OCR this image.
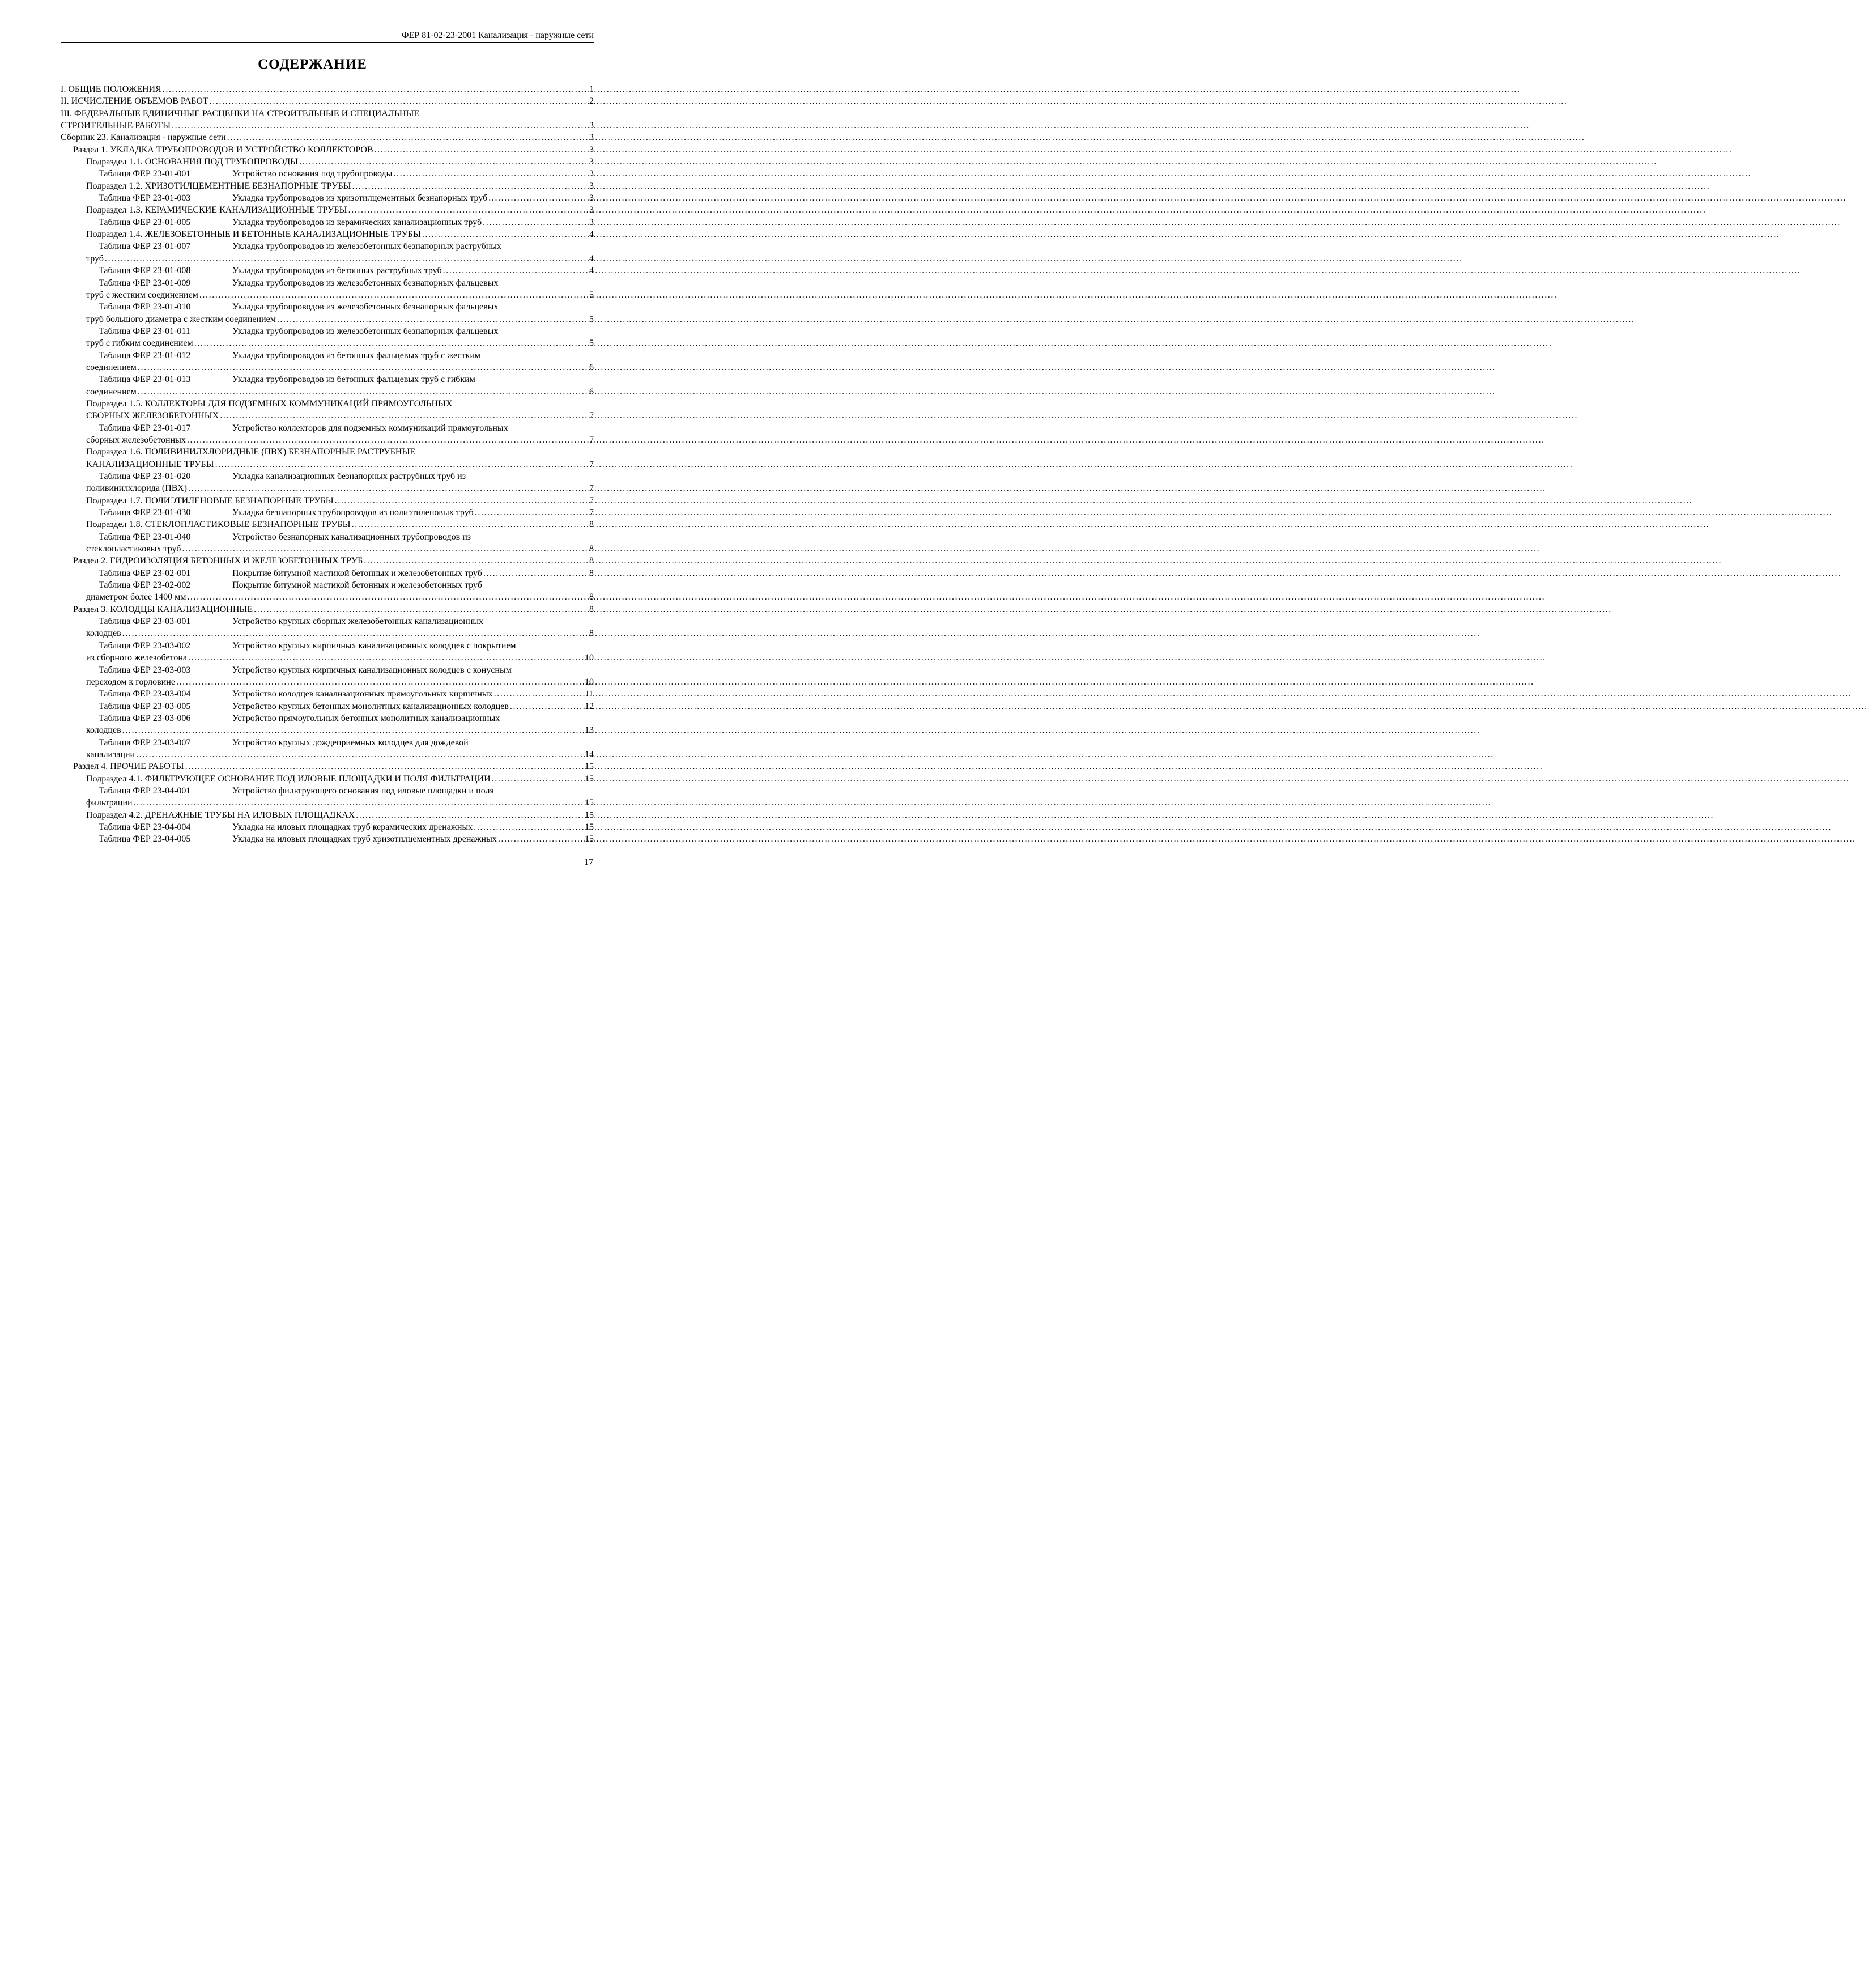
ФЕР 81-02-23-2001 Канализация - наружные сети
СОДЕРЖАНИЕ
I. ОБЩИЕ ПОЛОЖЕНИЯ .....	1
II. ИСЧИСЛЕНИЕ ОБЪЕМОВ РАБОТ .....	2
III. ФЕДЕРАЛЬНЫЕ ЕДИНИЧНЫЕ РАСЦЕНКИ НА СТРОИТЕЛЬНЫЕ И СПЕЦИАЛЬНЫЕ
СТРОИТЕЛЬНЫЕ РАБОТЫ .....	3
Сборник 23. Канализация - наружные сети .....	3
Раздел 1. УКЛАДКА ТРУБОПРОВОДОВ И УСТРОЙСТВО КОЛЛЕКТОРОВ .....	3
Подраздел 1.1. ОСНОВАНИЯ ПОД ТРУБОПРОВОДЫ .....	3
Таблица ФЕР 23-01-001	Устройство основания под трубопроводы .....	3
Подраздел 1.2. ХРИЗОТИЛЦЕМЕНТНЫЕ БЕЗНАПОРНЫЕ ТРУБЫ .....	3
Таблица ФЕР 23-01-003	Укладка трубопроводов из хризотилцементных безнапорных труб .....	3
Подраздел 1.3. КЕРАМИЧЕСКИЕ КАНАЛИЗАЦИОННЫЕ ТРУБЫ .....	3
Таблица ФЕР 23-01-005	Укладка трубопроводов из керамических канализационных труб .....	3
Подраздел 1.4. ЖЕЛЕЗОБЕТОННЫЕ И БЕТОННЫЕ КАНАЛИЗАЦИОННЫЕ ТРУБЫ .....	4
Таблица ФЕР 23-01-007	Укладка трубопроводов из железобетонных безнапорных раструбных
труб .....	4
Таблица ФЕР 23-01-008	Укладка трубопроводов из бетонных раструбных труб .....	4
Таблица ФЕР 23-01-009	Укладка трубопроводов из железобетонных безнапорных фальцевых
труб с жестким соединением .....	5
Таблица ФЕР 23-01-010	Укладка трубопроводов из железобетонных безнапорных фальцевых
труб большого диаметра с жестким соединением .....	5
Таблица ФЕР 23-01-011	Укладка трубопроводов из железобетонных безнапорных фальцевых
труб с гибким соединением .....	5
Таблица ФЕР 23-01-012	Укладка трубопроводов из бетонных фальцевых труб с жестким
соединением .....	6
Таблица ФЕР 23-01-013	Укладка трубопроводов из бетонных фальцевых труб с гибким
соединением .....	6
Подраздел 1.5. КОЛЛЕКТОРЫ ДЛЯ ПОДЗЕМНЫХ КОММУНИКАЦИЙ ПРЯМОУГОЛЬНЫХ
СБОРНЫХ ЖЕЛЕЗОБЕТОННЫХ .....	7
Таблица ФЕР 23-01-017	Устройство коллекторов для подземных коммуникаций прямоугольных
сборных железобетонных .....	7
Подраздел 1.6. ПОЛИВИНИЛХЛОРИДНЫЕ (ПВХ) БЕЗНАПОРНЫЕ РАСТРУБНЫЕ
КАНАЛИЗАЦИОННЫЕ ТРУБЫ .....	7
Таблица ФЕР 23-01-020	Укладка канализационных безнапорных раструбных труб из
поливинилхлорида (ПВХ) .....	7
Подраздел 1.7. ПОЛИЭТИЛЕНОВЫЕ БЕЗНАПОРНЫЕ ТРУБЫ .....	7
Таблица ФЕР 23-01-030	Укладка безнапорных трубопроводов из полиэтиленовых труб .....	7
Подраздел 1.8. СТЕКЛОПЛАСТИКОВЫЕ БЕЗНАПОРНЫЕ ТРУБЫ .....	8
Таблица ФЕР 23-01-040	Устройство безнапорных канализационных трубопроводов из
стеклопластиковых труб .....	8
Раздел 2. ГИДРОИЗОЛЯЦИЯ БЕТОННЫХ И ЖЕЛЕЗОБЕТОННЫХ ТРУБ .....	8
Таблица ФЕР 23-02-001	Покрытие битумной мастикой бетонных и железобетонных труб .....	8
Таблица ФЕР 23-02-002	Покрытие битумной мастикой бетонных и железобетонных труб
диаметром более 1400 мм .....	8
Раздел 3. КОЛОДЦЫ КАНАЛИЗАЦИОННЫЕ .....	8
Таблица ФЕР 23-03-001	Устройство круглых сборных железобетонных канализационных
колодцев .....	8
Таблица ФЕР 23-03-002	Устройство круглых кирпичных канализационных колодцев с покрытием
из сборного железобетона .....	10
Таблица ФЕР 23-03-003	Устройство круглых кирпичных канализационных колодцев с конусным
переходом к горловине .....	10
Таблица ФЕР 23-03-004	Устройство колодцев канализационных прямоугольных кирпичных .....	11
Таблица ФЕР 23-03-005	Устройство круглых бетонных монолитных канализационных колодцев .....	12
Таблица ФЕР 23-03-006	Устройство прямоугольных бетонных монолитных канализационных
колодцев .....	13
Таблица ФЕР 23-03-007	Устройство круглых дождеприемных колодцев для дождевой
канализации .....	14
Раздел 4. ПРОЧИЕ РАБОТЫ .....	15
Подраздел 4.1. ФИЛЬТРУЮЩЕЕ ОСНОВАНИЕ ПОД ИЛОВЫЕ ПЛОЩАДКИ И ПОЛЯ ФИЛЬТРАЦИИ .....	15
Таблица ФЕР 23-04-001	Устройство фильтрующего основания под иловые площадки и поля
фильтрации .....	15
Подраздел 4.2. ДРЕНАЖНЫЕ ТРУБЫ НА ИЛОВЫХ ПЛОЩАДКАХ .....	15
Таблица ФЕР 23-04-004	Укладка на иловых площадках труб керамических дренажных .....	15
Таблица ФЕР 23-04-005	Укладка на иловых площадках труб хризотилцементных дренажных .....	15
17
